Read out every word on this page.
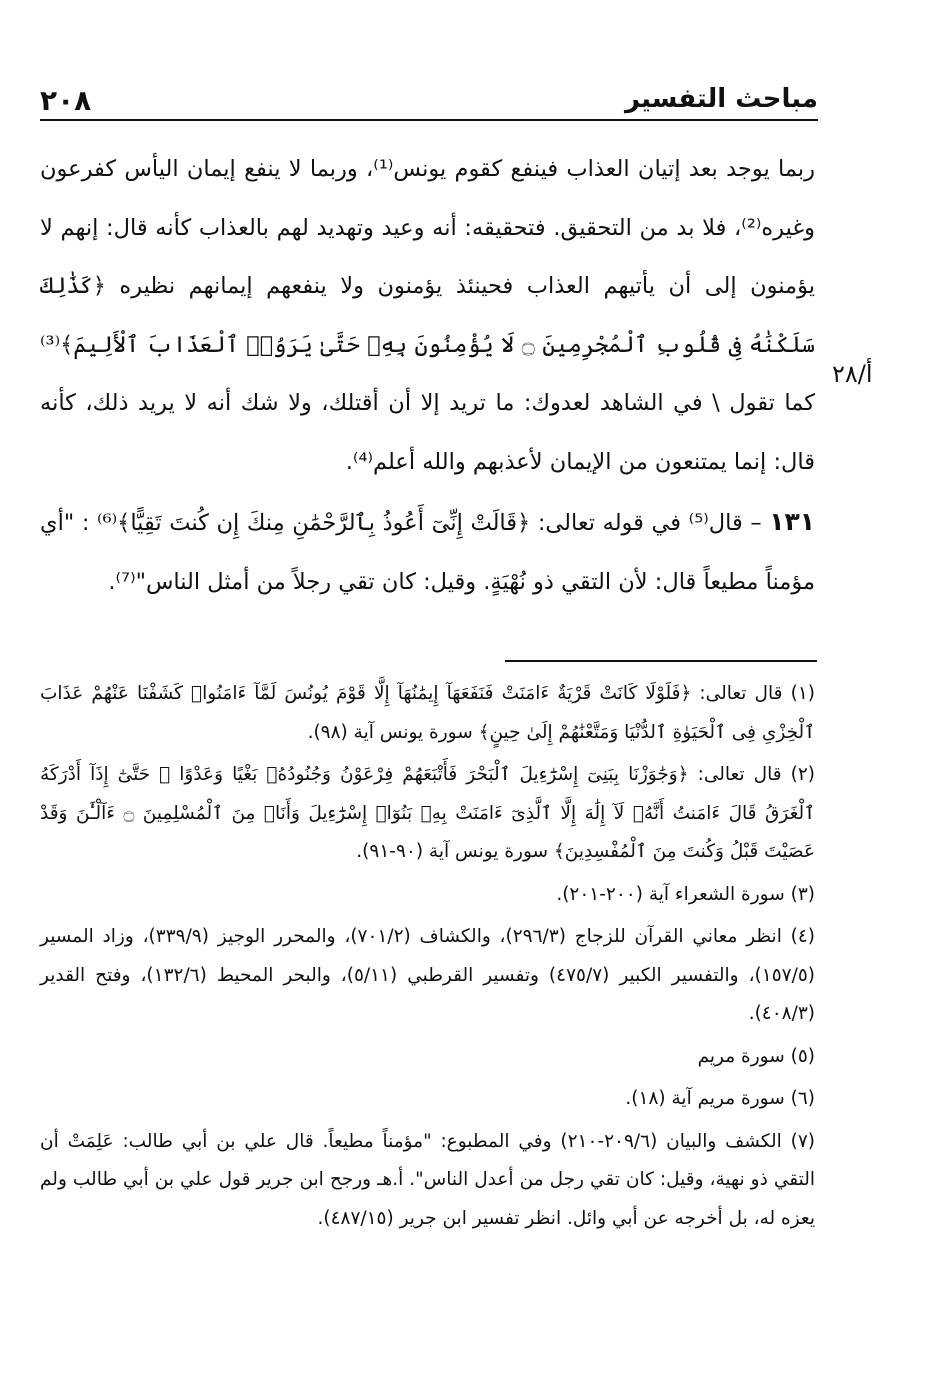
مباحث التفسير
٢٠٨
أ/٢٨

ربما يوجد بعد إتيان العذاب فينفع كقوم يونس⁽¹⁾، وربما لا ينفع إيمان اليأس كفرعون وغيره⁽²⁾، فلا بد من التحقيق. فتحقيقه: أنه وعيد وتهديد لهم بالعذاب كأنه قال: إنهم لا يؤمنون إلى أن يأتيهم العذاب فحينئذ يؤمنون ولا ينفعهم إيمانهم نظيره ﴿كَذَٰلِكَ سَلَكْنَٰهُ فِى قُلُوبِ ٱلْمُجْرِمِينَ ۝ لَا يُؤْمِنُونَ بِهِۦ حَتَّىٰ يَرَوُا۟ ٱلْعَذَابَ ٱلْأَلِيمَ﴾⁽³⁾ كما تقول \ في الشاهد لعدوك: ما تريد إلا أن أقتلك، ولا شك أنه لا يريد ذلك، كأنه قال: إنما يمتنعون من الإيمان لأعذبهم والله أعلم⁽⁴⁾.

١٣١ – قال⁽⁵⁾ في قوله تعالى: ﴿قَالَتْ إِنِّىٓ أَعُوذُ بِٱلرَّحْمَٰنِ مِنكَ إِن كُنتَ تَقِيًّا﴾⁽⁶⁾ : "أي مؤمناً مطيعاً قال: لأن التقي ذو نُهْيَةٍ. وقيل: كان تقي رجلاً من أمثل الناس"⁽⁷⁾.

(١) قال تعالى: ﴿فَلَوْلَا كَانَتْ قَرْيَةٌ ءَامَنَتْ فَنَفَعَهَآ إِيمَٰنُهَآ إِلَّا قَوْمَ يُونُسَ لَمَّآ ءَامَنُوا۟ كَشَفْنَا عَنْهُمْ عَذَابَ ٱلْخِزْىِ فِى ٱلْحَيَوٰةِ ٱلدُّنْيَا وَمَتَّعْنَٰهُمْ إِلَىٰ حِينٍ﴾ سورة يونس آية (٩٨).

(٢) قال تعالى: ﴿وَجَٰوَزْنَا بِبَنِىٓ إِسْرَٰٓءِيلَ ٱلْبَحْرَ فَأَتْبَعَهُمْ فِرْعَوْنُ وَجُنُودُهُۥ بَغْيًا وَعَدْوًا ۖ حَتَّىٰٓ إِذَآ أَدْرَكَهُ ٱلْغَرَقُ قَالَ ءَامَنتُ أَنَّهُۥ لَآ إِلَٰهَ إِلَّا ٱلَّذِىٓ ءَامَنَتْ بِهِۦ بَنُوٓا۟ إِسْرَٰٓءِيلَ وَأَنَا۠ مِنَ ٱلْمُسْلِمِينَ ۝ ءَآلْـَٰٔنَ وَقَدْ عَصَيْتَ قَبْلُ وَكُنتَ مِنَ ٱلْمُفْسِدِينَ﴾ سورة يونس آية (٩٠-٩١).

(٣) سورة الشعراء آية (٢٠٠-٢٠١).

(٤) انظر معاني القرآن للزجاج (٢٩٦/٣)، والكشاف (٧٠١/٢)، والمحرر الوجيز (٣٣٩/٩)، وزاد المسير (١٥٧/٥)، والتفسير الكبير (٤٧٥/٧) وتفسير القرطبي (٥/١١)، والبحر المحيط (١٣٢/٦)، وفتح القدير (٤٠٨/٣).

(٥) سورة مريم

(٦) سورة مريم آية (١٨).

(٧) الكشف والبيان (٢٠٩/٦-٢١٠) وفي المطبوع: "مؤمناً مطيعاً. قال علي بن أبي طالب: عَلِمَتْ أن التقي ذو نهية، وقيل: كان تقي رجل من أعدل الناس". أ.هـ ورجح ابن جرير قول علي بن أبي طالب ولم يعزه له، بل أخرجه عن أبي وائل. انظر تفسير ابن جرير (٤٨٧/١٥).
